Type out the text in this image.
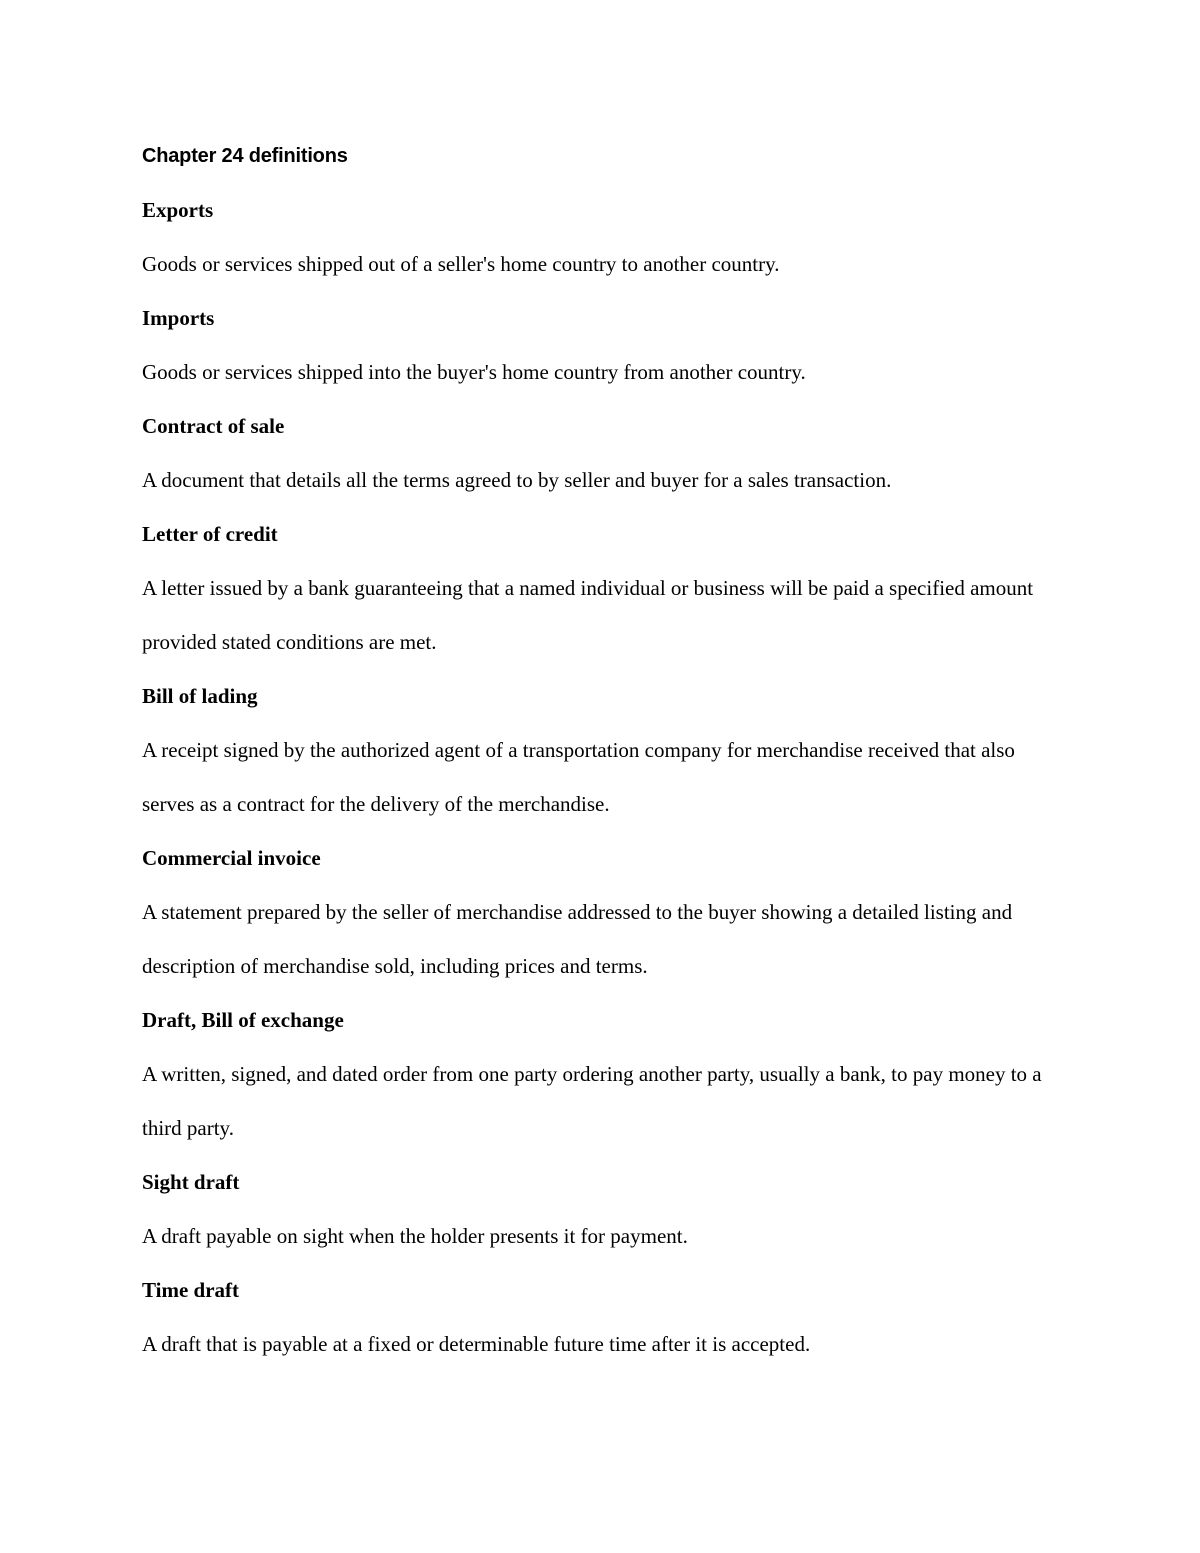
Chapter 24 definitions

Exports

Goods or services shipped out of a seller's home country to another country.

Imports

Goods or services shipped into the buyer's home country from another country.

Contract of sale

A document that details all the terms agreed to by seller and buyer for a sales transaction.

Letter of credit

A letter issued by a bank guaranteeing that a named individual or business will be paid a specified amount provided stated conditions are met.

Bill of lading

A receipt signed by the authorized agent of a transportation company for merchandise received that also serves as a contract for the delivery of the merchandise.

Commercial invoice

A statement prepared by the seller of merchandise addressed to the buyer showing a detailed listing and description of merchandise sold, including prices and terms.

Draft, Bill of exchange

A written, signed, and dated order from one party ordering another party, usually a bank, to pay money to a third party.

Sight draft

A draft payable on sight when the holder presents it for payment.

Time draft

A draft that is payable at a fixed or determinable future time after it is accepted.
